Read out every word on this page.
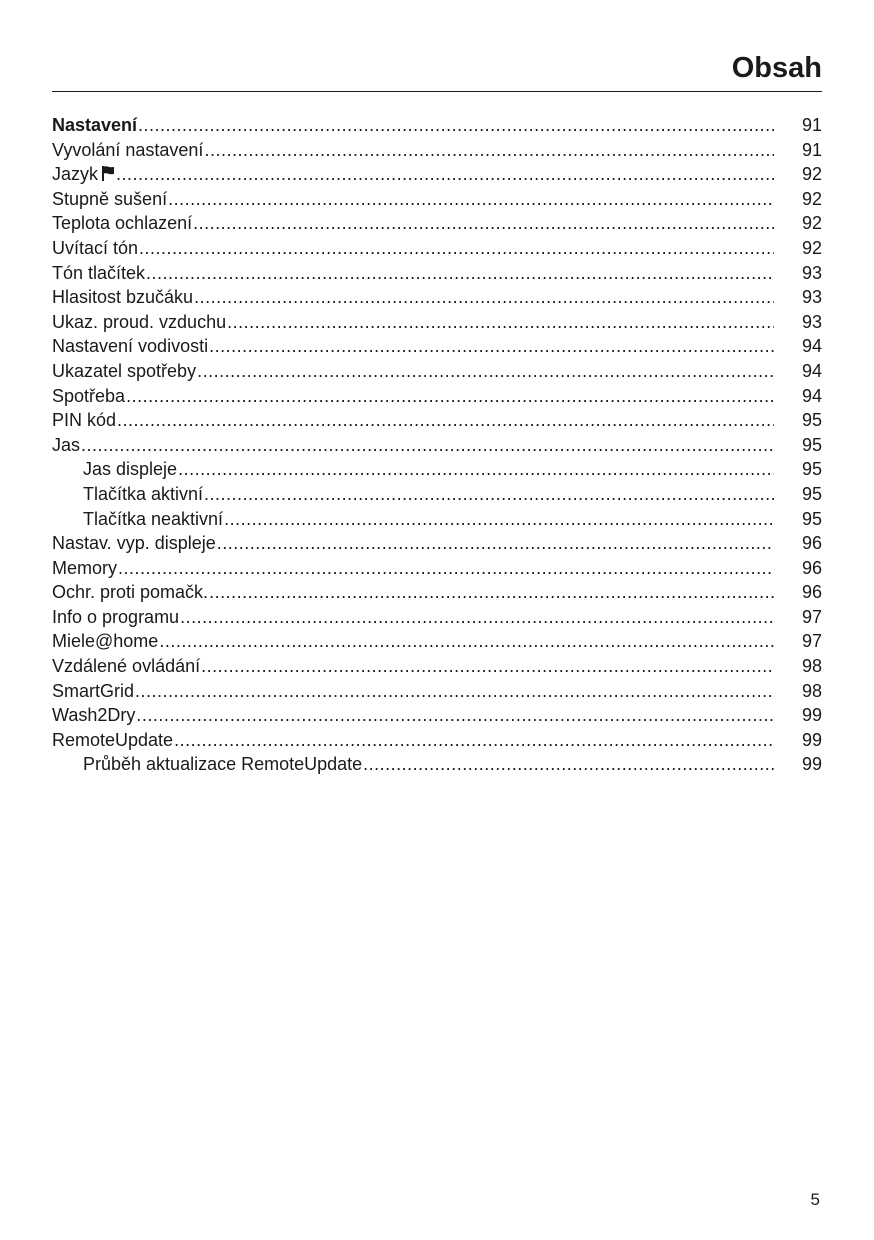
Obsah
Nastavení .....	91
Vyvolání nastavení .....	91
Jazyk .....	92
Stupně sušení .....	92
Teplota ochlazení .....	92
Uvítací tón .....	92
Tón tlačítek .....	93
Hlasitost bzučáku .....	93
Ukaz. proud. vzduchu .....	93
Nastavení vodivosti .....	94
Ukazatel spotřeby .....	94
Spotřeba .....	94
PIN kód .....	95
Jas .....	95
Jas displeje .....	95
Tlačítka aktivní .....	95
Tlačítka neaktivní .....	95
Nastav. vyp. displeje .....	96
Memory .....	96
Ochr. proti pomačk. .....	96
Info o programu .....	97
Miele@home .....	97
Vzdálené ovládání .....	98
SmartGrid .....	98
Wash2Dry .....	99
RemoteUpdate .....	99
Průběh aktualizace RemoteUpdate .....	99
5
